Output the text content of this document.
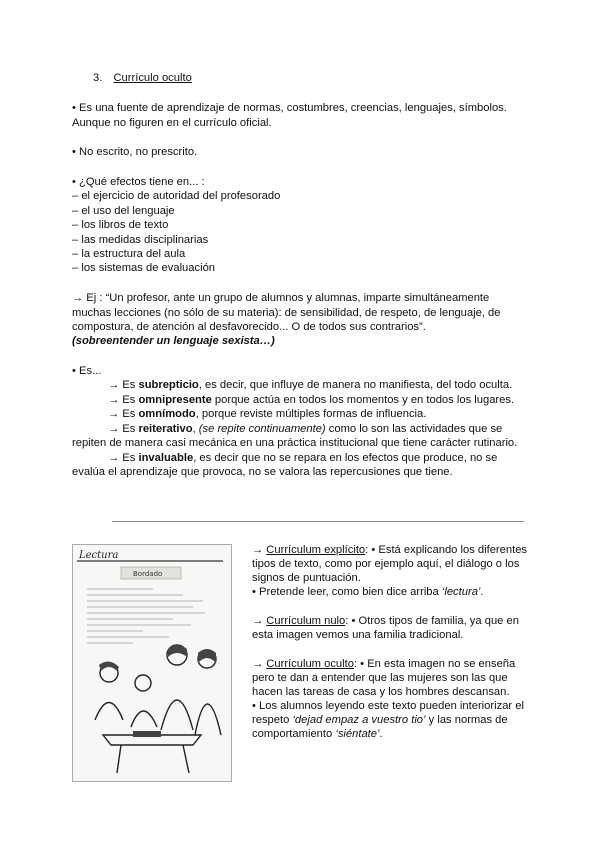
3. Currículo oculto
• Es una fuente de aprendizaje de normas, costumbres, creencias, lenguajes, símbolos.
Aunque no figuren en el currículo oficial.
• No escrito, no prescrito.
• ¿Qué efectos tiene en... :
– el ejercicio de autoridad del profesorado
– el uso del lenguaje
– los libros de texto
– las medidas disciplinarias
– la estructura del aula
– los sistemas de evaluación
→ Ej : “Un profesor, ante un grupo de alumnos y alumnas, imparte simultáneamente
muchas lecciones (no sólo de su materia): de sensibilidad, de respeto, de lenguaje, de
compostura, de atención al desfavorecido... O de todos sus contrarios”.
(sobreentender un lenguaje sexista…)
• Es...
→ Es subrepticio, es decir, que influye de manera no manifiesta, del todo oculta.
→ Es omnipresente porque actúa en todos los momentos y en todos los lugares.
→ Es omnímodo, porque reviste múltiples formas de influencia.
→ Es reiterativo, (se repite continuamente) como lo son las actividades que se
repiten de manera casi mecánica en una práctica institucional que tiene carácter rutinario.
→ Es invaluable, es decir que no se repara en los efectos que produce, no se
evalúa el aprendizaje que provoca, no se valora las repercusiones que tiene.
Lectura
Bordado
→ Currículum explícito: • Está explicando los diferentes
tipos de texto, como por ejemplo aquí, el diálogo o los
signos de puntuación.
• Pretende leer, como bien dice arriba ‘lectura’.
→ Currículum nulo: • Otros tipos de familia, ya que en
esta imagen vemos una familia tradicional.
→ Currículum oculto: • En esta imagen no se enseña
pero te dan a entender que las mujeres son las que
hacen las tareas de casa y los hombres descansan.
• Los alumnos leyendo este texto pueden interiorizar el
respeto ‘dejad empaz a vuestro tio’ y las normas de
comportamiento ‘siéntate’.
